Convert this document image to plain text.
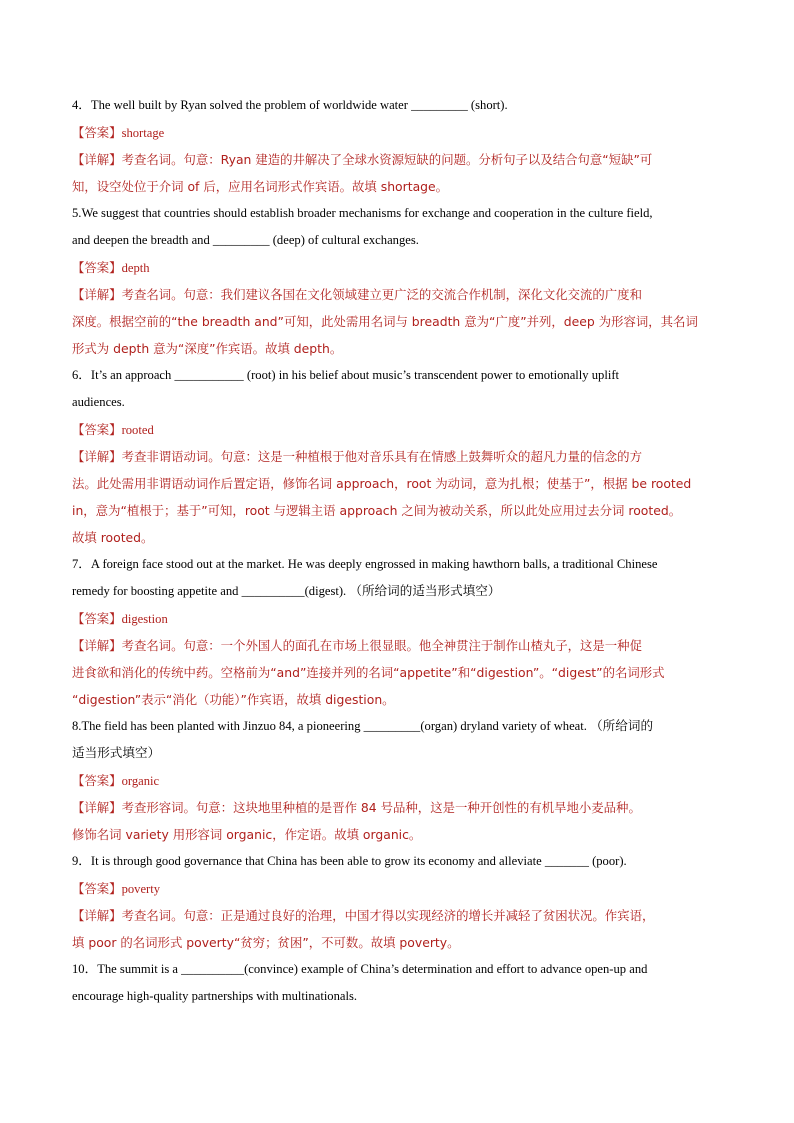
4．The well built by Ryan solved the problem of worldwide water _________ (short).
【答案】shortage
【详解】考查名词。句意：Ryan 建造的井解决了全球水资源短缺的问题。分析句子以及结合句意“短缺”可
知，设空处位于介词 of 后，应用名词形式作宾语。故填 shortage。
5.We suggest that countries should establish broader mechanisms for exchange and cooperation in the culture field,
and deepen the breadth and _________ (deep) of cultural exchanges.
【答案】depth
【详解】考查名词。句意：我们建议各国在文化领域建立更广泛的交流合作机制，深化文化交流的广度和
深度。根据空前的“the breadth and”可知，此处需用名词与 breadth 意为“广度”并列，deep 为形容词，其名词
形式为 depth 意为“深度”作宾语。故填 depth。
6．It’s an approach ___________ (root) in his belief about music’s transcendent power to emotionally uplift
audiences.
【答案】rooted
【详解】考查非谓语动词。句意：这是一种植根于他对音乐具有在情感上鼓舞听众的超凡力量的信念的方
法。此处需用非谓语动词作后置定语，修饰名词 approach，root 为动词，意为扎根；使基于”，根据 be rooted
in，意为“植根于；基于”可知，root 与逻辑主语 approach 之间为被动关系，所以此处应用过去分词 rooted。
故填 rooted。
7．A foreign face stood out at the market. He was deeply engrossed in making hawthorn balls, a traditional Chinese
remedy for boosting appetite and __________(digest). （所给词的适当形式填空）
【答案】digestion
【详解】考查名词。句意：一个外国人的面孔在市场上很显眼。他全神贯注于制作山楂丸子，这是一种促
进食欲和消化的传统中药。空格前为“and”连接并列的名词“appetite”和“digestion”。“digest”的名词形式
“digestion”表示“消化（功能）”作宾语，故填 digestion。
8.The field has been planted with Jinzuo 84, a pioneering _________(organ) dryland variety of wheat. （所给词的
适当形式填空）
【答案】organic
【详解】考查形容词。句意：这块地里种植的是晋作 84 号品种，这是一种开创性的有机旱地小麦品种。
修饰名词 variety 用形容词 organic，作定语。故填 organic。
9．It is through good governance that China has been able to grow its economy and alleviate _______ (poor).
【答案】poverty
【详解】考查名词。句意：正是通过良好的治理，中国才得以实现经济的增长并减轻了贫困状况。作宾语，
填 poor 的名词形式 poverty“贫穷；贫困”，不可数。故填 poverty。
10．The summit is a __________(convince) example of China’s determination and effort to advance open-up and
encourage high-quality partnerships with multinationals.
